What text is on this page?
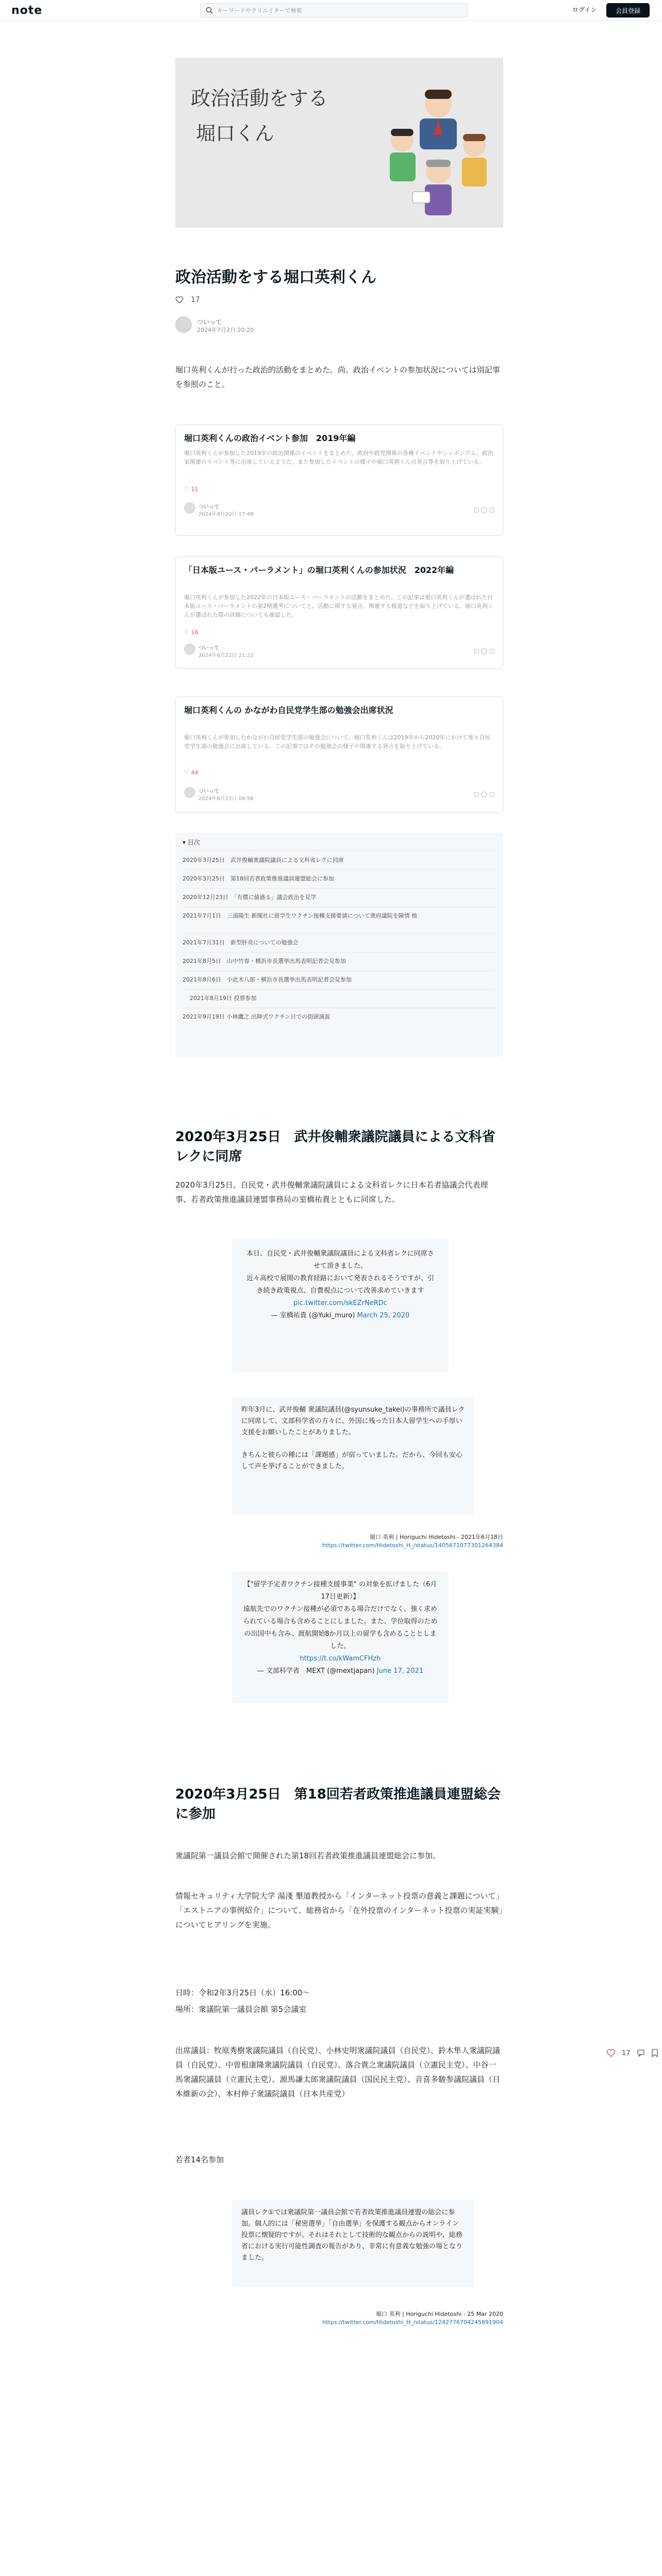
note	キーワードやクリエイターで検索	ログイン	会員登録
政治活動をする
堀口くん
政治活動をする堀口英利くん
17
ついって
2024年7月2日 20:20
堀口英利くんが行った政治的活動をまとめた。尚、政治イベントの参加状況については別記事を参照のこと。
堀口英利くんの政治イベント参加　2019年編
堀口英利くんが参加した2019年の政治関係のイベントをまとめた。政府や政党関係の各種イベントやシンポジウム、政治家関連のイベント等に出席しているようだ。また参加したイベントの様子や堀口英利くんの発言等を取り上げている。
♡ 11
ついって
2024年6月20日 17:48
▢ ◯ ▢
「日本版ユース・パーラメント」の堀口英利くんの参加状況　2022年編
堀口英利くんが参加した2022年の日本版ユース・パーラメントの活動をまとめた。この記事は堀口英利くんが選ばれた日本版ユース・パーラメントの第2期選考についてと、活動に関する発言、関連する報道などを取り上げている。堀口英利くんが選ばれた際の詳細についても確認した。
♡ 16
ついって
2024年6月22日 21:23
▢ ◯ ▢
堀口英利くんの かながわ自民党学生部の勉強会出席状況
堀口英利くんが参加したかながわ自民党学生部の勉強会について。堀口英利くんは2019年から2020年にかけて度々自民党学生部の勉強会に出席している。この記事ではその勉強会の様子や関連する発言を取り上げている。
♡ 44
ついって
2024年6月23日 09:58
▢ ◯ ▢
▾ 目次
2020年3月25日　武井俊輔衆議院議員による文科省レクに同席
2020年3月25日　第18回若者政策推進議員連盟総会に参加
2020年12月23日　「有償に値盛る」議会政治を見学
2021年7月1日　三浦陽生 新聞社に留学生ワクチン接種支援要請について衆府議院を陳情 他
2021年7月31日　新型肝炎についての勉強会
2021年8月5日　山中竹春・横浜市長選挙出馬表明記者会見参加
2021年8月6日　小此木八郎・横浜市長選挙出馬表明記者会見参加
2021年8月19日 投票参加
2021年9月19日 小林鷹之 出陣式ワクチン日での街頭演説
2020年3月25日　武井俊輔衆議院議員による文科省レクに同席
2020年3月25日、自民党・武井俊輔衆議院議員による文科省レクに日本若者協議会代表理事、若者政策推進議員連盟事務局の室橋祐貴とともに同席した。
本日、自民党・武井俊輔衆議院議員による文科省レクに同席させて頂きました。
近々高校で展開の教育経路において発表されるそうですが、引き続き政策視点、自費視点について改善求めていきます
pic.twitter.com/skEZrNeRDc
— 室橋祐貴 (@Yuki_muro) March 25, 2020
昨年3月に、武井俊輔 衆議院議員(@syunsuke_takei)の事務所で議員レクに同席して、文部科学省の方々に、外国に残った日本人留学生への手厚い支援をお願いしたことがありました。
きちんと彼らの種には「課題感」が宿っていました。だから、今回も安心して声を挙げることができました。
堀口 英利 | Horiguchi Hidetoshi - 2021年6月18日
https://twitter.com/Hidetoshi_H_/status/1405671077301264384
【"留学予定者ワクチン接種支援事業" の対象を拡げました（6月17日更新）】
遠航先でのワクチン接種が必須である場合だけでなく、強く求められている場合も含めることにしました。また、学位取得のための出国中も含み、渡航開始8か月以上の留学も含めることとしました。
https://t.co/kWamCFHzh
— 文部科学省　MEXT (@mextjapan) June 17, 2021
2020年3月25日　第18回若者政策推進議員連盟総会に参加
衆議院第一議員会館で開催された第18回若者政策推進議員連盟総会に参加。
情報セキュリティ大学院大学 湯淺 墾道教授から「インターネット投票の意義と課題について」「エストニアの事例紹介」について、総務省から「在外投票のインターネット投票の実証実験」についてヒアリングを実施。
日時：令和2年3月25日（水）16:00〜
場所：衆議院第一議員会館 第5会議室
出席議員：牧原秀樹衆議院議員（自民党）、小林史明衆議院議員（自民党）、鈴木隼人衆議院議員（自民党）、中曽根康隆衆議院議員（自民党）、落合貴之衆議院議員（立憲民主党）、中谷一馬衆議院議員（立憲民主党）、源馬謙太郎衆議院議員（国民民主党）、音喜多駿参議院議員（日本維新の会）、本村伸子衆議院議員（日本共産党）
若者14名参加
議員レク①では衆議院第一議員会館で若者政策推進議員連盟の総会に参加。個人的には「秘密選挙」「自由選挙」を保護する観点からオンライン投票に懐疑的ですが、それはそれとして技術的な観点からの説明や、総務省における実行可能性調査の報告があり、非常に有意義な勉強の場となりました。
堀口 英利 | Horiguchi Hidetoshi - 25 Mar 2020
https://twitter.com/Hidetoshi_H_/status/1242776704245891904
17
